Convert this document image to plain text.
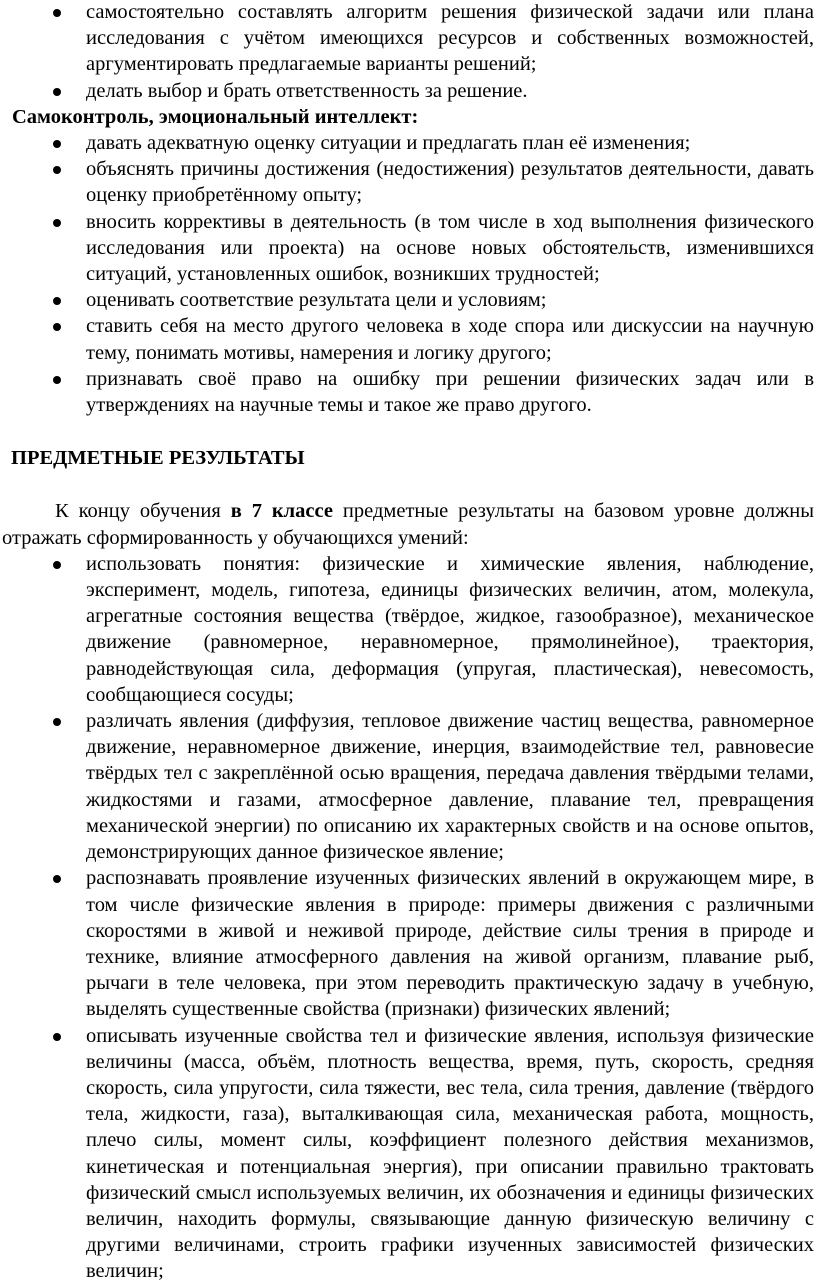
самостоятельно составлять алгоритм решения физической задачи или плана исследования с учётом имеющихся ресурсов и собственных возможностей, аргументировать предлагаемые варианты решений;
делать выбор и брать ответственность за решение.
Самоконтроль, эмоциональный интеллект:
давать адекватную оценку ситуации и предлагать план её изменения;
объяснять причины достижения (недостижения) результатов деятельности, давать оценку приобретённому опыту;
вносить коррективы в деятельность (в том числе в ход выполнения физического исследования или проекта) на основе новых обстоятельств, изменившихся ситуаций, установленных ошибок, возникших трудностей;
оценивать соответствие результата цели и условиям;
ставить себя на место другого человека в ходе спора или дискуссии на научную тему, понимать мотивы, намерения и логику другого;
признавать своё право на ошибку при решении физических задач или в утверждениях на научные темы и такое же право другого.
ПРЕДМЕТНЫЕ РЕЗУЛЬТАТЫ
К концу обучения в 7 классе предметные результаты на базовом уровне должны отражать сформированность у обучающихся умений:
использовать понятия: физические и химические явления, наблюдение, эксперимент, модель, гипотеза, единицы физических величин, атом, молекула, агрегатные состояния вещества (твёрдое, жидкое, газообразное), механическое движение (равномерное, неравномерное, прямолинейное), траектория, равнодействующая сила, деформация (упругая, пластическая), невесомость, сообщающиеся сосуды;
различать явления (диффузия, тепловое движение частиц вещества, равномерное движение, неравномерное движение, инерция, взаимодействие тел, равновесие твёрдых тел с закреплённой осью вращения, передача давления твёрдыми телами, жидкостями и газами, атмосферное давление, плавание тел, превращения механической энергии) по описанию их характерных свойств и на основе опытов, демонстрирующих данное физическое явление;
распознавать проявление изученных физических явлений в окружающем мире, в том числе физические явления в природе: примеры движения с различными скоростями в живой и неживой природе, действие силы трения в природе и технике, влияние атмосферного давления на живой организм, плавание рыб, рычаги в теле человека, при этом переводить практическую задачу в учебную, выделять существенные свойства (признаки) физических явлений;
описывать изученные свойства тел и физические явления, используя физические величины (масса, объём, плотность вещества, время, путь, скорость, средняя скорость, сила упругости, сила тяжести, вес тела, сила трения, давление (твёрдого тела, жидкости, газа), выталкивающая сила, механическая работа, мощность, плечо силы, момент силы, коэффициент полезного действия механизмов, кинетическая и потенциальная энергия), при описании правильно трактовать физический смысл используемых величин, их обозначения и единицы физических величин, находить формулы, связывающие данную физическую величину с другими величинами, строить графики изученных зависимостей физических величин;
